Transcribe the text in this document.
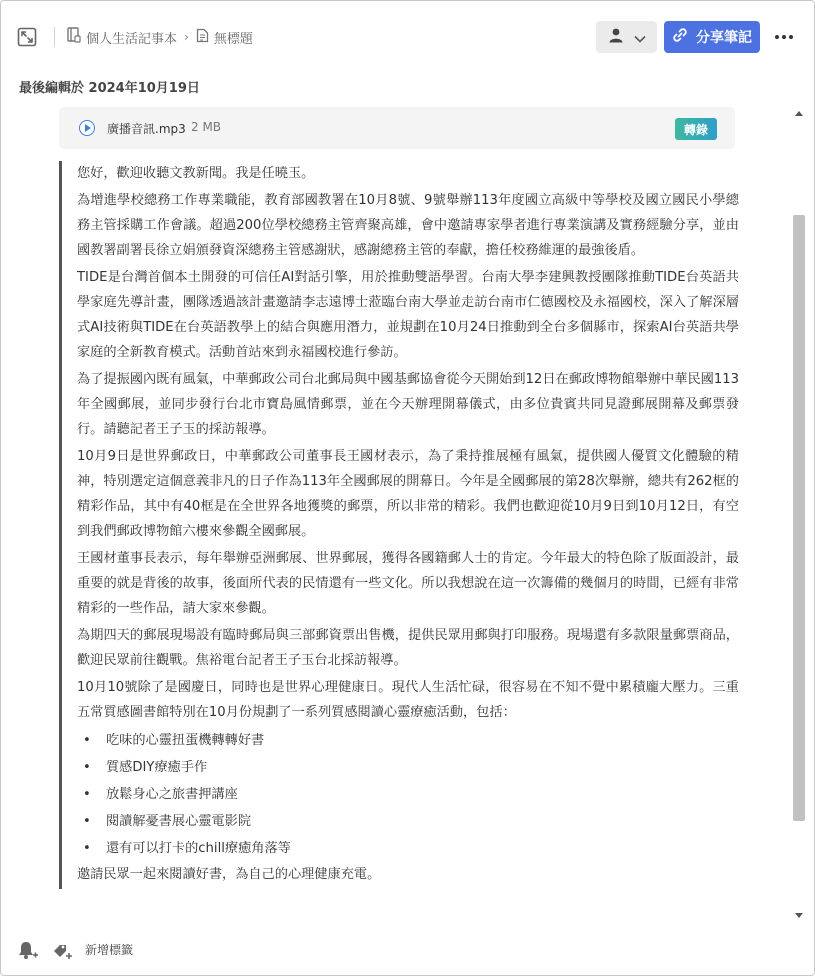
個人生活記事本 › 無標題	分享筆記
最後編輯於 2024年10月19日
廣播音訊.mp3 2 MB	轉錄

您好，歡迎收聽文教新聞。我是任曉玉。

為增進學校總務工作專業職能，教育部國教署在10月8號、9號舉辦113年度國立高級中等學校及國立國民小學總務主管採購工作會議。超過200位學校總務主管齊聚高雄，會中邀請專家學者進行專業演講及實務經驗分享，並由國教署副署長徐立娟頒發資深總務主管感謝狀，感謝總務主管的奉獻，擔任校務維運的最強後盾。

TIDE是台灣首個本土開發的可信任AI對話引擎，用於推動雙語學習。台南大學李建興教授團隊推動TIDE台英語共學家庭先導計畫，團隊透過該計畫邀請李志遠博士蒞臨台南大學並走訪台南市仁德國校及永福國校，深入了解深層式AI技術與TIDE在台英語教學上的結合與應用潛力，並規劃在10月24日推動到全台多個縣市，探索AI台英語共學家庭的全新教育模式。活動首站來到永福國校進行參訪。

為了提振國內既有風氣，中華郵政公司台北郵局與中國基郵協會從今天開始到12日在郵政博物館舉辦中華民國113年全國郵展，並同步發行台北市寶島風情郵票，並在今天辦理開幕儀式，由多位貴賓共同見證郵展開幕及郵票發行。請聽記者王子玉的採訪報導。

10月9日是世界郵政日，中華郵政公司董事長王國材表示，為了秉持推展極有風氣，提供國人優質文化體驗的精神，特別選定這個意義非凡的日子作為113年全國郵展的開幕日。今年是全國郵展的第28次舉辦，總共有262框的精彩作品，其中有40框是在全世界各地獲獎的郵票，所以非常的精彩。我們也歡迎從10月9日到10月12日，有空到我們郵政博物館六樓來參觀全國郵展。

王國材董事長表示，每年舉辦亞洲郵展、世界郵展，獲得各國籍郵人士的肯定。今年最大的特色除了版面設計，最重要的就是背後的故事，後面所代表的民情還有一些文化。所以我想說在這一次籌備的幾個月的時間，已經有非常精彩的一些作品，請大家來參觀。

為期四天的郵展現場設有臨時郵局與三部郵資票出售機，提供民眾用郵與打印服務。現場還有多款限量郵票商品，歡迎民眾前往觀戰。焦裕電台記者王子玉台北採訪報導。

10月10號除了是國慶日，同時也是世界心理健康日。現代人生活忙碌，很容易在不知不覺中累積龐大壓力。三重五常質感圖書館特別在10月份規劃了一系列質感閱讀心靈療癒活動，包括：

• 吃味的心靈扭蛋機轉轉好書
• 質感DIY療癒手作
• 放鬆身心之旅書押講座
• 閱讀解憂書展心靈電影院
• 還有可以打卡的chill療癒角落等

邀請民眾一起來閱讀好書，為自己的心理健康充電。

新增標籤
